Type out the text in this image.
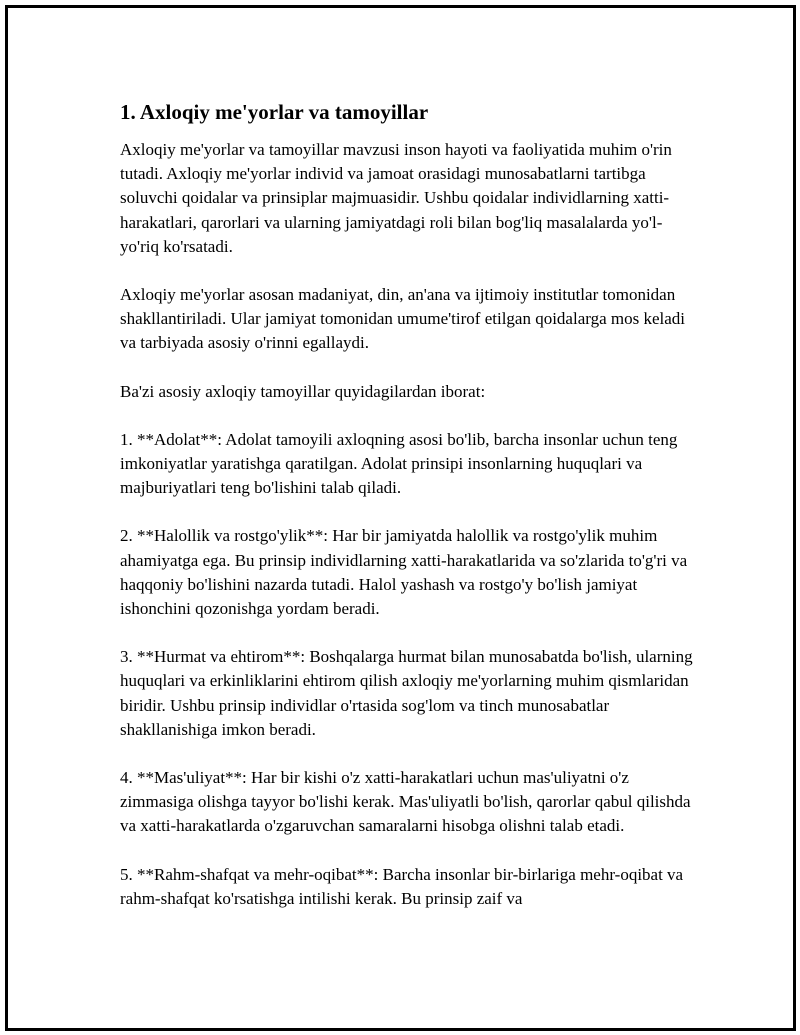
1. Axloqiy me'yorlar va tamoyillar

Axloqiy me'yorlar va tamoyillar mavzusi inson hayoti va faoliyatida muhim o'rin tutadi. Axloqiy me'yorlar individ va jamoat orasidagi munosabatlarni tartibga soluvchi qoidalar va prinsiplar majmuasidir. Ushbu qoidalar individlarning xatti-harakatlari, qarorlari va ularning jamiyatdagi roli bilan bog'liq masalalarda yo'l-yo'riq ko'rsatadi.

Axloqiy me'yorlar asosan madaniyat, din, an'ana va ijtimoiy institutlar tomonidan shakllantiriladi. Ular jamiyat tomonidan umume'tirof etilgan qoidalarga mos keladi va tarbiyada asosiy o'rinni egallaydi.

Ba'zi asosiy axloqiy tamoyillar quyidagilardan iborat:

1. **Adolat**: Adolat tamoyili axloqning asosi bo'lib, barcha insonlar uchun teng imkoniyatlar yaratishga qaratilgan. Adolat prinsipi insonlarning huquqlari va majburiyatlari teng bo'lishini talab qiladi.

2. **Halollik va rostgo'ylik**: Har bir jamiyatda halollik va rostgo'ylik muhim ahamiyatga ega. Bu prinsip individlarning xatti-harakatlarida va so'zlarida to'g'ri va haqqoniy bo'lishini nazarda tutadi. Halol yashash va rostgo'y bo'lish jamiyat ishonchini qozonishga yordam beradi.

3. **Hurmat va ehtirom**: Boshqalarga hurmat bilan munosabatda bo'lish, ularning huquqlari va erkinliklarini ehtirom qilish axloqiy me'yorlarning muhim qismlaridan biridir. Ushbu prinsip individlar o'rtasida sog'lom va tinch munosabatlar shakllanishiga imkon beradi.

4. **Mas'uliyat**: Har bir kishi o'z xatti-harakatlari uchun mas'uliyatni o'z zimmasiga olishga tayyor bo'lishi kerak. Mas'uliyatli bo'lish, qarorlar qabul qilishda va xatti-harakatlarda o'zgaruvchan samaralarni hisobga olishni talab etadi.

5. **Rahm-shafqat va mehr-oqibat**: Barcha insonlar bir-birlariga mehr-oqibat va rahm-shafqat ko'rsatishga intilishi kerak. Bu prinsip zaif va
